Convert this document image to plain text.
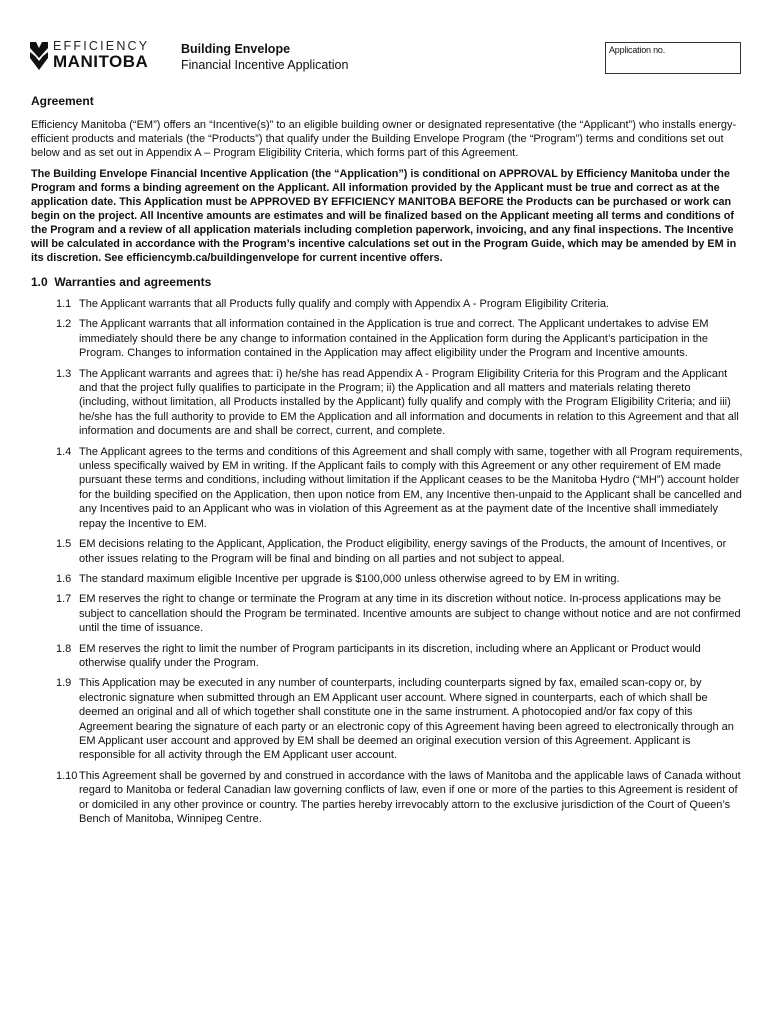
EFFICIENCY
MANITOBA
Building Envelope
Financial Incentive Application
Application no.
Agreement

Efficiency Manitoba (“EM”) offers an “Incentive(s)” to an eligible building owner or designated representative (the “Applicant”) who installs energy-efficient products and materials (the “Products”) that qualify under the Building Envelope Program (the “Program”) terms and conditions set out below and as set out in Appendix A – Program Eligibility Criteria, which forms part of this Agreement.

The Building Envelope Financial Incentive Application (the “Application”) is conditional on APPROVAL by Efficiency Manitoba under the Program and forms a binding agreement on the Applicant. All information provided by the Applicant must be true and correct as at the application date. This Application must be APPROVED BY EFFICIENCY MANITOBA BEFORE the Products can be purchased or work can begin on the project. All Incentive amounts are estimates and will be finalized based on the Applicant meeting all terms and conditions of the Program and a review of all application materials including completion paperwork, invoicing, and any final inspections. The Incentive will be calculated in accordance with the Program’s incentive calculations set out in the Program Guide, which may be amended by EM in its discretion. See efficiencymb.ca/buildingenvelope for current incentive offers.

1.0 Warranties and agreements
1.1 The Applicant warrants that all Products fully qualify and comply with Appendix A - Program Eligibility Criteria.
1.2 The Applicant warrants that all information contained in the Application is true and correct. The Applicant undertakes to advise EM immediately should there be any change to information contained in the Application form during the Applicant’s participation in the Program. Changes to information contained in the Application may affect eligibility under the Program and Incentive amounts.
1.3 The Applicant warrants and agrees that: i) he/she has read Appendix A - Program Eligibility Criteria for this Program and the Applicant and that the project fully qualifies to participate in the Program; ii) the Application and all matters and materials relating thereto (including, without limitation, all Products installed by the Applicant) fully qualify and comply with the Program Eligibility Criteria; and iii) he/she has the full authority to provide to EM the Application and all information and documents in relation to this Agreement and that all information and documents are and shall be correct, current, and complete.
1.4 The Applicant agrees to the terms and conditions of this Agreement and shall comply with same, together with all Program requirements, unless specifically waived by EM in writing. If the Applicant fails to comply with this Agreement or any other requirement of EM made pursuant these terms and conditions, including without limitation if the Applicant ceases to be the Manitoba Hydro (“MH”) account holder for the building specified on the Application, then upon notice from EM, any Incentive then-unpaid to the Applicant shall be cancelled and any Incentives paid to an Applicant who was in violation of this Agreement as at the payment date of the Incentive shall immediately repay the Incentive to EM.
1.5 EM decisions relating to the Applicant, Application, the Product eligibility, energy savings of the Products, the amount of Incentives, or other issues relating to the Program will be final and binding on all parties and not subject to appeal.
1.6 The standard maximum eligible Incentive per upgrade is $100,000 unless otherwise agreed to by EM in writing.
1.7 EM reserves the right to change or terminate the Program at any time in its discretion without notice. In-process applications may be subject to cancellation should the Program be terminated. Incentive amounts are subject to change without notice and are not confirmed until the time of issuance.
1.8 EM reserves the right to limit the number of Program participants in its discretion, including where an Applicant or Product would otherwise qualify under the Program.
1.9 This Application may be executed in any number of counterparts, including counterparts signed by fax, emailed scan-copy or, by electronic signature when submitted through an EM Applicant user account. Where signed in counterparts, each of which shall be deemed an original and all of which together shall constitute one in the same instrument. A photocopied and/or fax copy of this Agreement bearing the signature of each party or an electronic copy of this Agreement having been agreed to electronically through an EM Applicant user account and approved by EM shall be deemed an original execution version of this Agreement. Applicant is responsible for all activity through the EM Applicant user account.
1.10 This Agreement shall be governed by and construed in accordance with the laws of Manitoba and the applicable laws of Canada without regard to Manitoba or federal Canadian law governing conflicts of law, even if one or more of the parties to this Agreement is resident of or domiciled in any other province or country. The parties hereby irrevocably attorn to the exclusive jurisdiction of the Court of Queen’s Bench of Manitoba, Winnipeg Centre.
